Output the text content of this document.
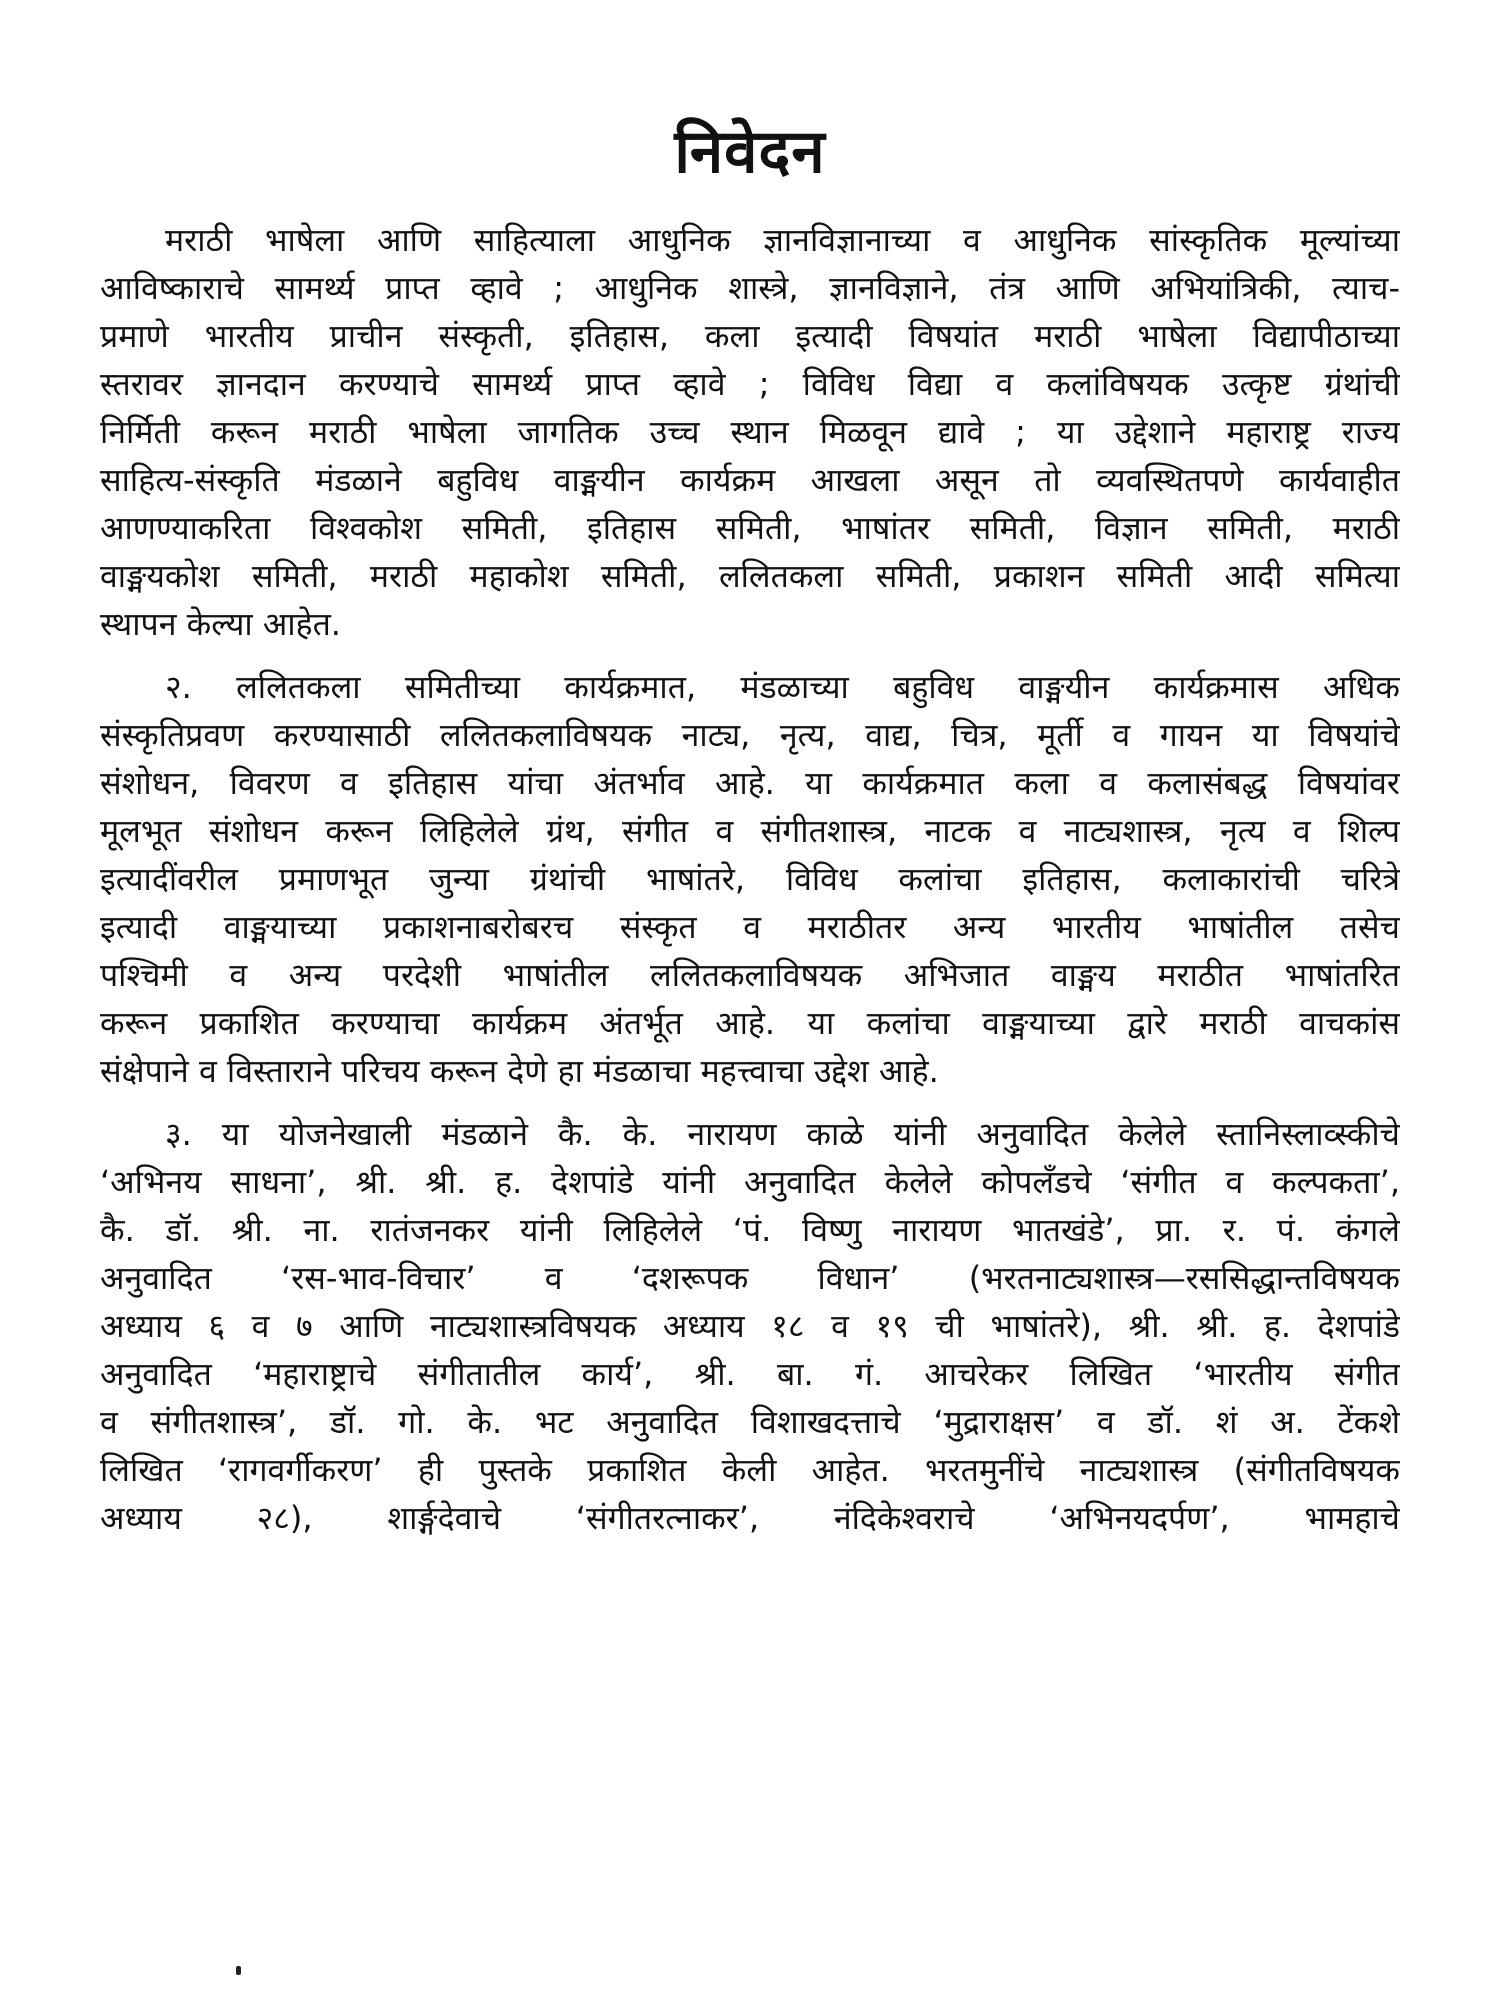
निवेदन
मराठी भाषेला आणि साहित्याला आधुनिक ज्ञानविज्ञानाच्या व आधुनिक सांस्कृतिक मूल्यांच्या
आविष्काराचे सामर्थ्य प्राप्त व्हावे ; आधुनिक शास्त्रे, ज्ञानविज्ञाने, तंत्र आणि अभियांत्रिकी, त्याच-
प्रमाणे भारतीय प्राचीन संस्कृती, इतिहास, कला इत्यादी विषयांत मराठी भाषेला विद्यापीठाच्या
स्तरावर ज्ञानदान करण्याचे सामर्थ्य प्राप्त व्हावे ; विविध विद्या व कलांविषयक उत्कृष्ट ग्रंथांची
निर्मिती करून मराठी भाषेला जागतिक उच्च स्थान मिळवून द्यावे ; या उद्देशाने महाराष्ट्र राज्य
साहित्य-संस्कृति मंडळाने बहुविध वाङ्मयीन कार्यक्रम आखला असून तो व्यवस्थितपणे कार्यवाहीत
आणण्याकरिता विश्वकोश समिती, इतिहास समिती, भाषांतर समिती, विज्ञान समिती, मराठी
वाङ्मयकोश समिती, मराठी महाकोश समिती, ललितकला समिती, प्रकाशन समिती आदी समित्या
स्थापन केल्या आहेत.
२. ललितकला समितीच्या कार्यक्रमात, मंडळाच्या बहुविध वाङ्मयीन कार्यक्रमास अधिक
संस्कृतिप्रवण करण्यासाठी ललितकलाविषयक नाट्य, नृत्य, वाद्य, चित्र, मूर्ती व गायन या विषयांचे
संशोधन, विवरण व इतिहास यांचा अंतर्भाव आहे. या कार्यक्रमात कला व कलासंबद्ध विषयांवर
मूलभूत संशोधन करून लिहिलेले ग्रंथ, संगीत व संगीतशास्त्र, नाटक व नाट्यशास्त्र, नृत्य व शिल्प
इत्यादींवरील प्रमाणभूत जुन्या ग्रंथांची भाषांतरे, विविध कलांचा इतिहास, कलाकारांची चरित्रे
इत्यादी वाङ्मयाच्या प्रकाशनाबरोबरच संस्कृत व मराठीतर अन्य भारतीय भाषांतील तसेच
पश्चिमी व अन्य परदेशी भाषांतील ललितकलाविषयक अभिजात वाङ्मय मराठीत भाषांतरित
करून प्रकाशित करण्याचा कार्यक्रम अंतर्भूत आहे. या कलांचा वाङ्मयाच्या द्वारे मराठी वाचकांस
संक्षेपाने व विस्ताराने परिचय करून देणे हा मंडळाचा महत्त्वाचा उद्देश आहे.
३. या योजनेखाली मंडळाने कै. के. नारायण काळे यांनी अनुवादित केलेले स्तानिस्लाव्स्कीचे
‘अभिनय साधना’, श्री. श्री. ह. देशपांडे यांनी अनुवादित केलेले कोपलँडचे ‘संगीत व कल्पकता’,
कै. डॉ. श्री. ना. रातंजनकर यांनी लिहिलेले ‘पं. विष्णु नारायण भातखंडे’, प्रा. र. पं. कंगले
अनुवादित ‘रस-भाव-विचार’ व ‘दशरूपक विधान’ (भरतनाट्यशास्त्र—रससिद्धान्तविषयक
अध्याय ६ व ७ आणि नाट्यशास्त्रविषयक अध्याय १८ व १९ ची भाषांतरे), श्री. श्री. ह. देशपांडे
अनुवादित ‘महाराष्ट्राचे संगीतातील कार्य’, श्री. बा. गं. आचरेकर लिखित ‘भारतीय संगीत
व संगीतशास्त्र’, डॉ. गो. के. भट अनुवादित विशाखदत्ताचे ‘मुद्राराक्षस’ व डॉ. शं अ. टेंकशे
लिखित ‘रागवर्गीकरण’ ही पुस्तके प्रकाशित केली आहेत. भरतमुनींचे नाट्यशास्त्र (संगीतविषयक
अध्याय २८), शार्ङ्गदेवाचे ‘संगीतरत्नाकर’, नंदिकेश्वराचे ‘अभिनयदर्पण’, भामहाचे
